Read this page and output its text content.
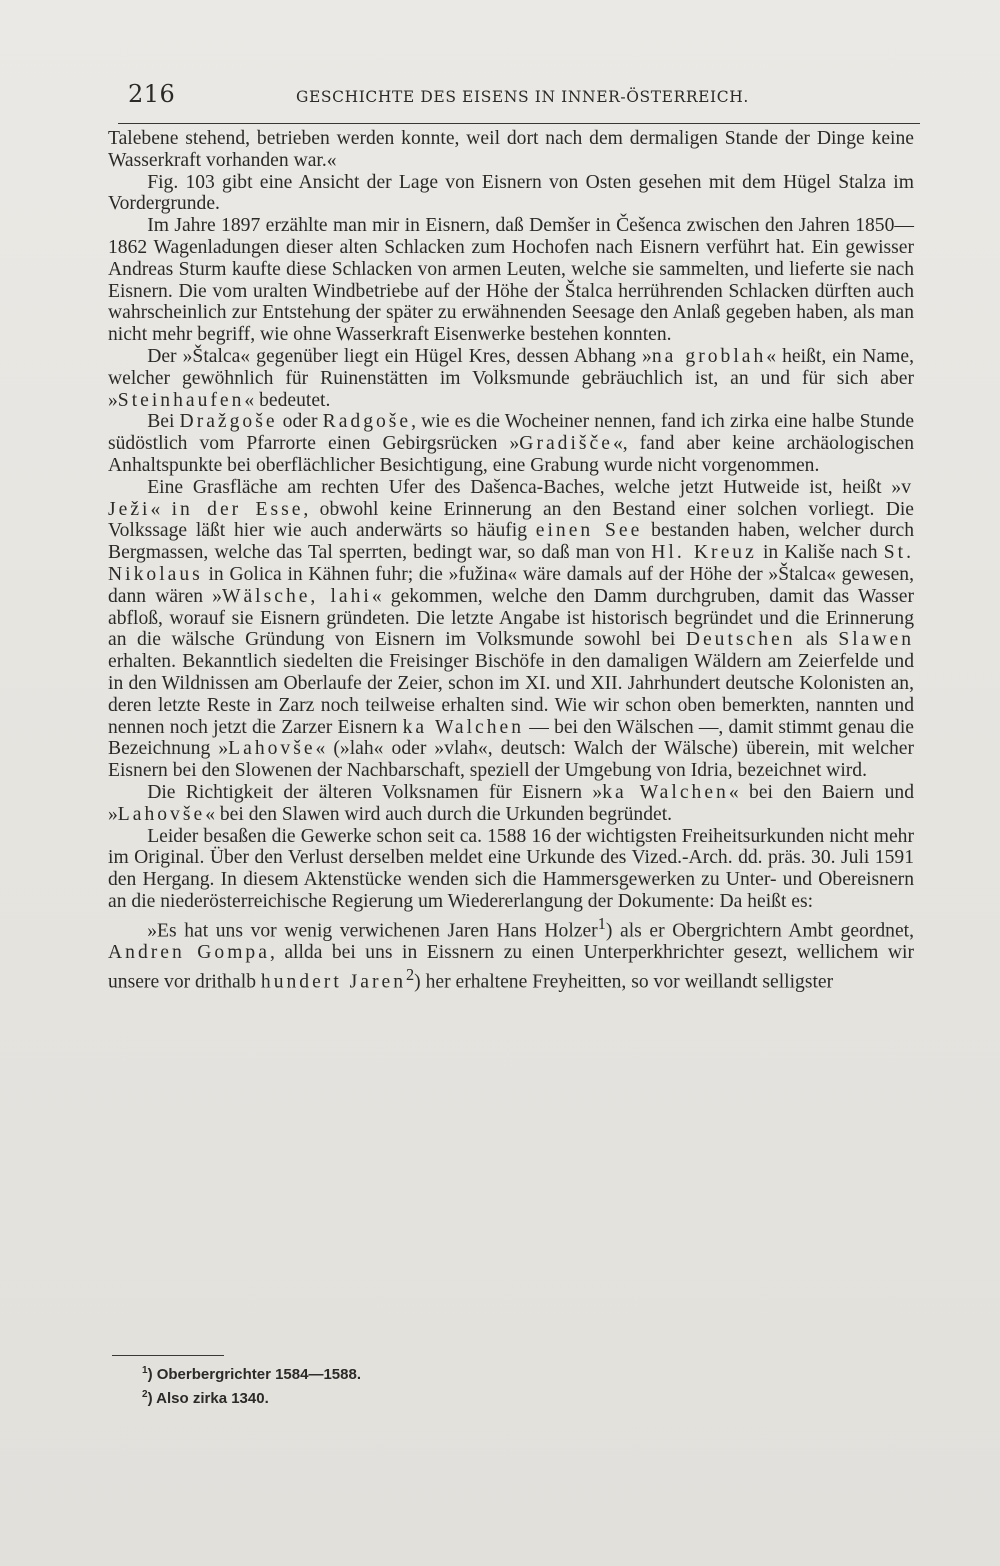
216	GESCHICHTE DES EISENS IN INNER-ÖSTERREICH.

Talebene stehend, betrieben werden konnte, weil dort nach dem dermaligen Stande der Dinge keine Wasserkraft vorhanden war.«

Fig. 103 gibt eine Ansicht der Lage von Eisnern von Osten gesehen mit dem Hügel Stalza im Vordergrunde.

Im Jahre 1897 erzählte man mir in Eisnern, daß Demšer in Češenca zwischen den Jahren 1850—1862 Wagenladungen dieser alten Schlacken zum Hochofen nach Eisnern verführt hat. Ein gewisser Andreas Sturm kaufte diese Schlacken von armen Leuten, welche sie sammelten, und lieferte sie nach Eisnern. Die vom uralten Windbetriebe auf der Höhe der Štalca herrührenden Schlacken dürften auch wahrscheinlich zur Entstehung der später zu erwähnenden Seesage den Anlaß gegeben haben, als man nicht mehr begriff, wie ohne Wasserkraft Eisenwerke bestehen konnten.

Der »Štalca« gegenüber liegt ein Hügel Kres, dessen Abhang »na groblah« heißt, ein Name, welcher gewöhnlich für Ruinenstätten im Volksmunde gebräuchlich ist, an und für sich aber »Steinhaufen« bedeutet.

Bei Dražgoše oder Radgoše, wie es die Wocheiner nennen, fand ich zirka eine halbe Stunde südöstlich vom Pfarrorte einen Gebirgsrücken »Gradišče«, fand aber keine archäologischen Anhaltspunkte bei oberflächlicher Besichtigung, eine Grabung wurde nicht vorgenommen.

Eine Grasfläche am rechten Ufer des Dašenca-Baches, welche jetzt Hutweide ist, heißt »v Ježi« in der Esse, obwohl keine Erinnerung an den Bestand einer solchen vorliegt. Die Volkssage läßt hier wie auch anderwärts so häufig einen See bestanden haben, welcher durch Bergmassen, welche das Tal sperrten, bedingt war, so daß man von Hl. Kreuz in Kališe nach St. Nikolaus in Golica in Kähnen fuhr; die »fužina« wäre damals auf der Höhe der »Štalca« gewesen, dann wären »Wälsche, lahi« gekommen, welche den Damm durchgruben, damit das Wasser abfloß, worauf sie Eisnern gründeten. Die letzte Angabe ist historisch begründet und die Erinnerung an die wälsche Gründung von Eisnern im Volksmunde sowohl bei Deutschen als Slawen erhalten. Bekanntlich siedelten die Freisinger Bischöfe in den damaligen Wäldern am Zeierfelde und in den Wildnissen am Oberlaufe der Zeier, schon im XI. und XII. Jahrhundert deutsche Kolonisten an, deren letzte Reste in Zarz noch teilweise erhalten sind. Wie wir schon oben bemerkten, nannten und nennen noch jetzt die Zarzer Eisnern ka Walchen — bei den Wälschen —, damit stimmt genau die Bezeichnung »Lahovše« (»lah« oder »vlah«, deutsch: Walch der Wälsche) überein, mit welcher Eisnern bei den Slowenen der Nachbarschaft, speziell der Umgebung von Idria, bezeichnet wird.

Die Richtigkeit der älteren Volksnamen für Eisnern »ka Walchen« bei den Baiern und »Lahovše« bei den Slawen wird auch durch die Urkunden begründet.

Leider besaßen die Gewerke schon seit ca. 1588 16 der wichtigsten Freiheitsurkunden nicht mehr im Original. Über den Verlust derselben meldet eine Urkunde des Vized.-Arch. dd. präs. 30. Juli 1591 den Hergang. In diesem Aktenstücke wenden sich die Hammersgewerken zu Unter- und Obereisnern an die niederösterreichische Regierung um Wiedererlangung der Dokumente: Da heißt es:

»Es hat uns vor wenig verwichenen Jaren Hans Holzer$^1$) als er Obergrichtern Ambt geordnet, Andren Gompa, allda bei uns in Eissnern zu einen Unterperkhrichter gesezt, wellichem wir unsere vor drithalb hundert Jaren$^2$) her erhaltene Freyheitten, so vor weillandt selligster

$^1$) Oberbergrichter 1584—1588.
$^2$) Also zirka 1340.
